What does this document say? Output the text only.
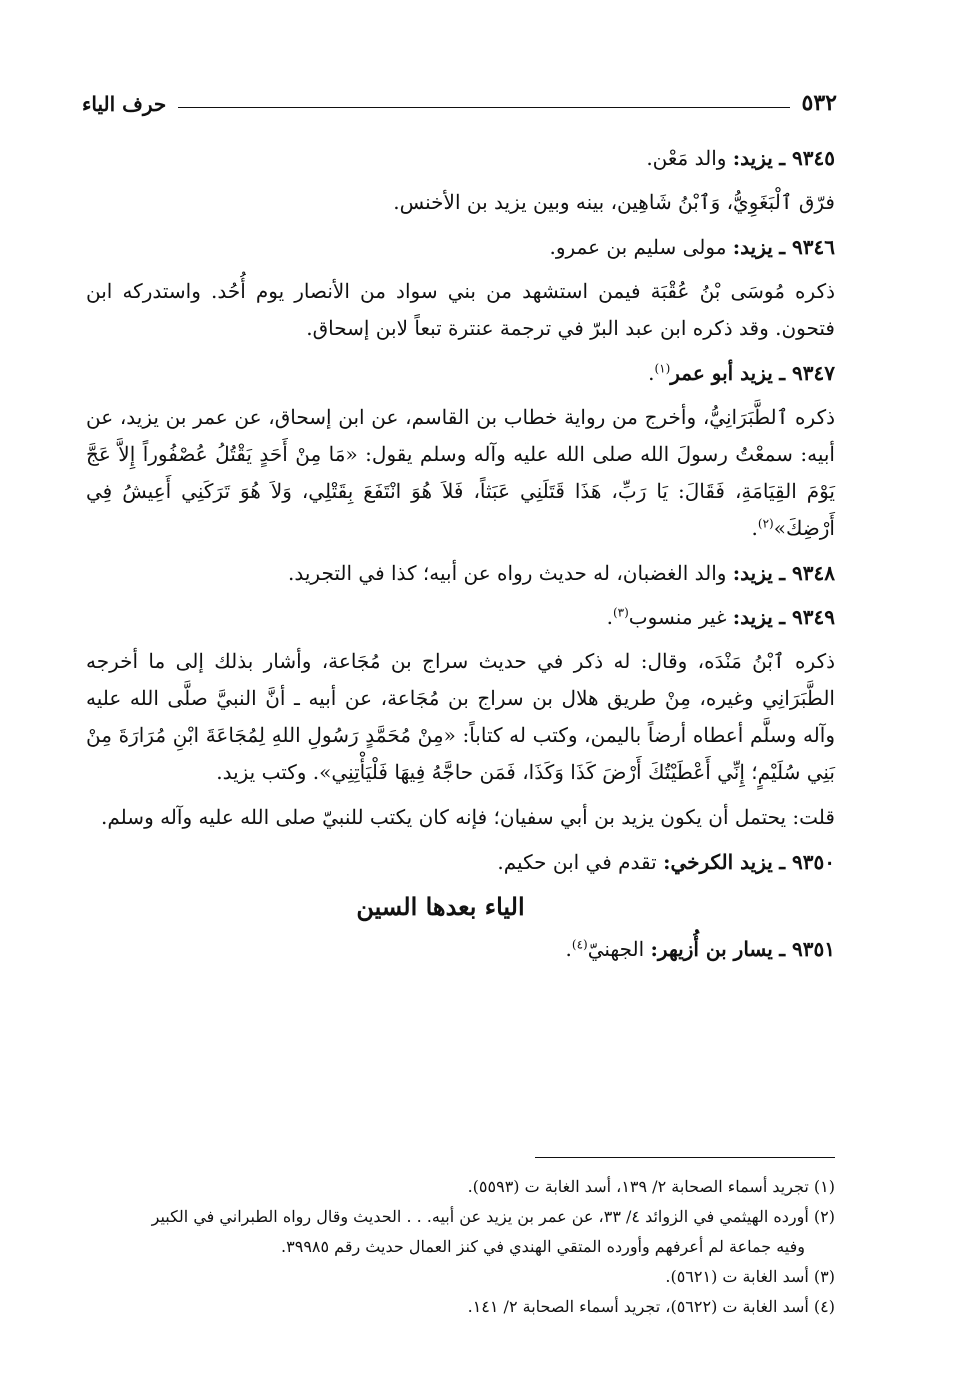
٥٣٢
حرف الياء

٩٣٤٥ ـ يزيد: والد مَعْن.

فرّق ٱلْبَغَوِيُّ، وَٱبْنُ شَاهِين، بينه وبين يزيد بن الأخنس.

٩٣٤٦ ـ يزيد: مولى سليم بن عمرو.

ذكره مُوسَى بْنُ عُقْبَة فيمن استشهد من بني سواد من الأنصار يوم أُحُد. واستدركه ابن فتحون. وقد ذكره ابن عبد البرّ في ترجمة عنترة تبعاً لابن إسحاق.

٩٣٤٧ ـ يزيد أبو عمر$^{(١)}$.

ذكره ٱلطَّبَرَانِيُّ، وأخرج من رواية خطاب بن القاسم، عن ابن إسحاق، عن عمر بن يزيد، عن أبيه: سمعْتُ رسولَ الله صلى الله عليه وآله وسلم يقول: «مَا مِنْ أَحَدٍ يَقْتُلُ عُصْفُوراً إِلاَّ عَجَّ يَوْمَ القِيَامَةِ، فَقَالَ: يَا رَبِّ، هَذَا قَتَلَنِي عَبَثاً، فَلاَ هُوَ انْتَفَعَ بِقَتْلِي، وَلاَ هُوَ تَرَكَنِي أَعِيشُ فِي أَرْضِكَ»$^{(٢)}$.

٩٣٤٨ ـ يزيد: والد الغضبان، له حديث رواه عن أبيه؛ كذا في التجريد.

٩٣٤٩ ـ يزيد: غير منسوب$^{(٣)}$.

ذكره ٱبْنُ مَنْدَه، وقال: له ذكر في حديث سراج بن مُجَاعة، وأشار بذلك إلى ما أخرجه الطَّبَرَانِي وغيره، مِنْ طريق هلال بن سراج بن مُجَاعة، عن أبيه ـ أنَّ النبيَّ صلَّى الله عليه وآله وسلَّم أعطاه أرضاً باليمن، وكتب له كتاباً: «مِنْ مُحَمَّدٍ رَسُولِ اللهِ لِمُجَاعَةَ ابْنِ مُرَارَةَ مِنْ بَنِي سُلَيْمٍ؛ إِنِّي أَعْطَيْتُكَ أَرْضَ كَذَا وَكَذَا، فَمَن حاجَّهُ فِيهَا فَلْيَأْتِنِي». وكتب يزيد.

قلت: يحتمل أن يكون يزيد بن أبي سفيان؛ فإنه كان يكتب للنبيّ صلى الله عليه وآله وسلم.

٩٣٥٠ ـ يزيد الكرخي: تقدم في ابن حكيم.

الياء بعدها السين

٩٣٥١ ـ يسار بن أُزيهر: الجهنيّ$^{(٤)}$.

(١) تجريد أسماء الصحابة ٢/ ١٣٩، أسد الغابة ت (٥٥٩٣).

(٢) أورده الهيثمي في الزوائد ٤/ ٣٣، عن عمر بن يزيد عن أبيه. . . الحديث وقال رواه الطبراني في الكبير

وفيه جماعة لم أعرفهم وأورده المتقي الهندي في كنز العمال حديث رقم ٣٩٩٨٥.

(٣) أسد الغابة ت (٥٦٢١).

(٤) أسد الغابة ت (٥٦٢٢)، تجريد أسماء الصحابة ٢/ ١٤١.
